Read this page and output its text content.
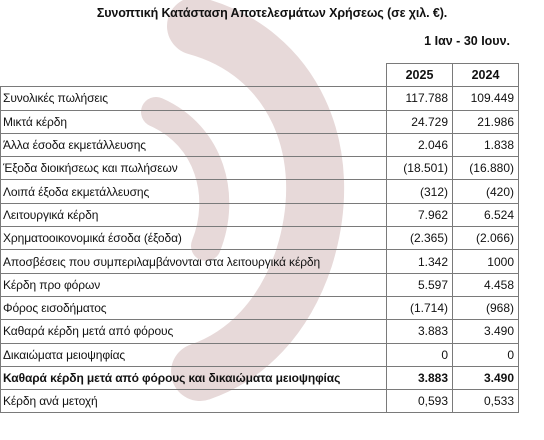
Συνοπτική Κατάσταση Αποτελεσμάτων Χρήσεως (σε χιλ. €).
1 Ιαν - 30 Ιουν.
	2025	2024
Συνολικές πωλήσεις	117.788	109.449
Μικτά κέρδη	24.729	21.986
Άλλα έσοδα εκμετάλλευσης	2.046	1.838
Έξοδα διοικήσεως και πωλήσεων	(18.501)	(16.880)
Λοιπά έξοδα εκμετάλλευσης	(312)	(420)
Λειτουργικά κέρδη	7.962	6.524
Χρηματοοικονομικά έσοδα (έξοδα)	(2.365)	(2.066)
Αποσβέσεις που συμπεριλαμβάνονται στα λειτουργικά κέρδη	1.342	1000
Κέρδη προ φόρων	5.597	4.458
Φόρος εισοδήματος	(1.714)	(968)
Καθαρά κέρδη μετά από φόρους	3.883	3.490
Δικαιώματα μειοψηφίας	0	0
Καθαρά κέρδη μετά από φόρους και δικαιώματα μειοψηφίας	3.883	3.490
Κέρδη ανά μετοχή	0,593	0,533
